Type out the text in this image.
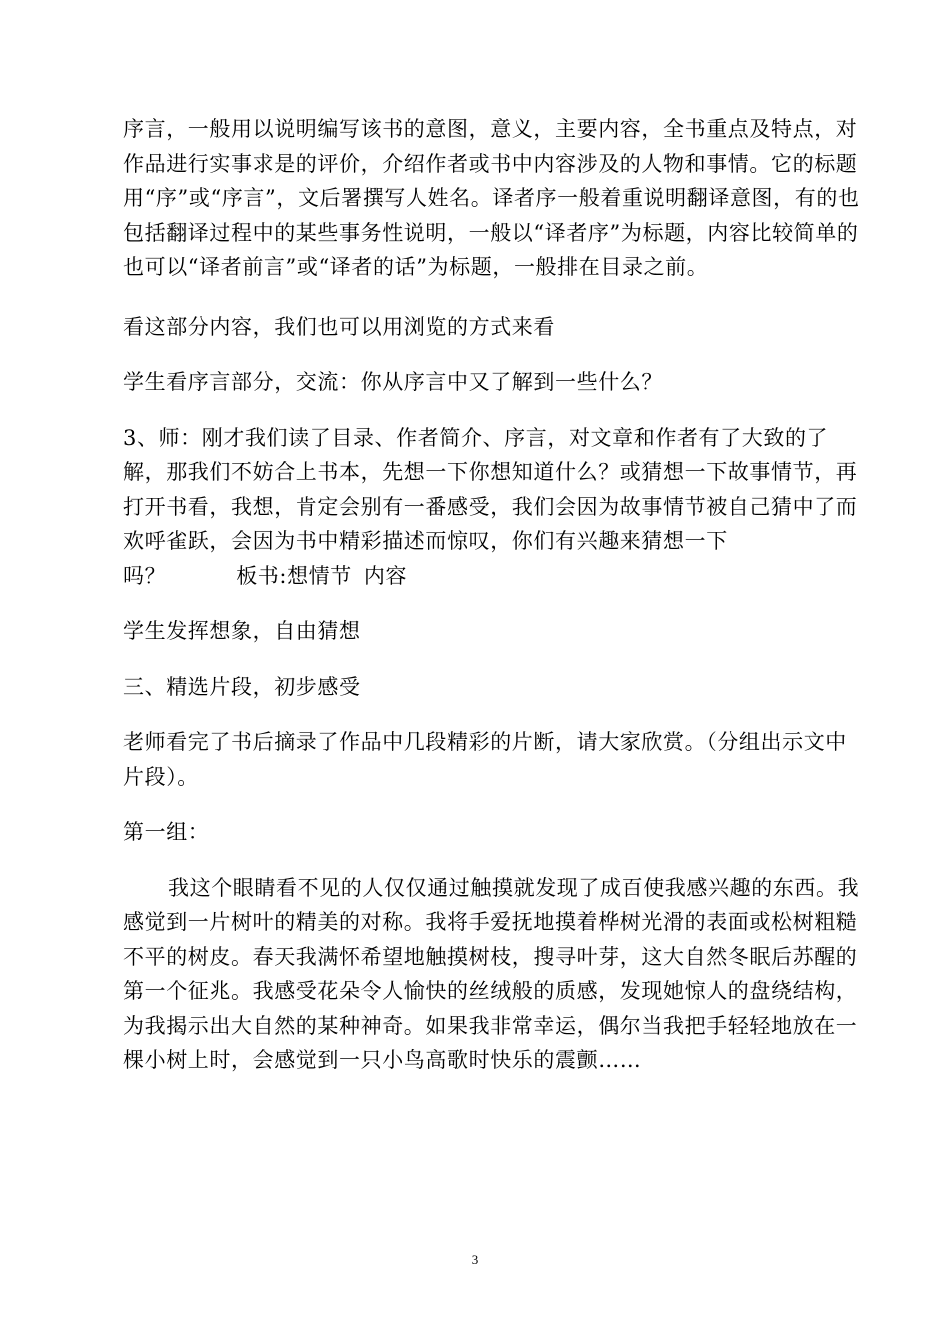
序言，一般用以说明编写该书的意图，意义，主要内容，全书重点及特点，对作品进行实事求是的评价，介绍作者或书中内容涉及的人物和事情。它的标题用“序”或“序言”，文后署撰写人姓名。译者序一般着重说明翻译意图，有的也包括翻译过程中的某些事务性说明，一般以“译者序”为标题，内容比较简单的也可以“译者前言”或“译者的话”为标题，一般排在目录之前。

看这部分内容，我们也可以用浏览的方式来看

学生看序言部分，交流：你从序言中又了解到一些什么？

3、师：刚才我们读了目录、作者简介、序言，对文章和作者有了大致的了解，那我们不妨合上书本，先想一下你想知道什么？或猜想一下故事情节，再打开书看，我想，肯定会别有一番感受，我们会因为故事情节被自己猜中了而欢呼雀跃，会因为书中精彩描述而惊叹，你们有兴趣来猜想一下

吗？	板书:想情节 内容

学生发挥想象，自由猜想

三、精选片段，初步感受

老师看完了书后摘录了作品中几段精彩的片断，请大家欣赏。（分组出示文中片段）。

第一组：

我这个眼睛看不见的人仅仅通过触摸就发现了成百使我感兴趣的东西。我感觉到一片树叶的精美的对称。我将手爱抚地摸着桦树光滑的表面或松树粗糙不平的树皮。春天我满怀希望地触摸树枝，搜寻叶芽，这大自然冬眠后苏醒的第一个征兆。我感受花朵令人愉快的丝绒般的质感，发现她惊人的盘绕结构，为我揭示出大自然的某种神奇。如果我非常幸运，偶尔当我把手轻轻地放在一棵小树上时，会感觉到一只小鸟高歌时快乐的震颤……

3
